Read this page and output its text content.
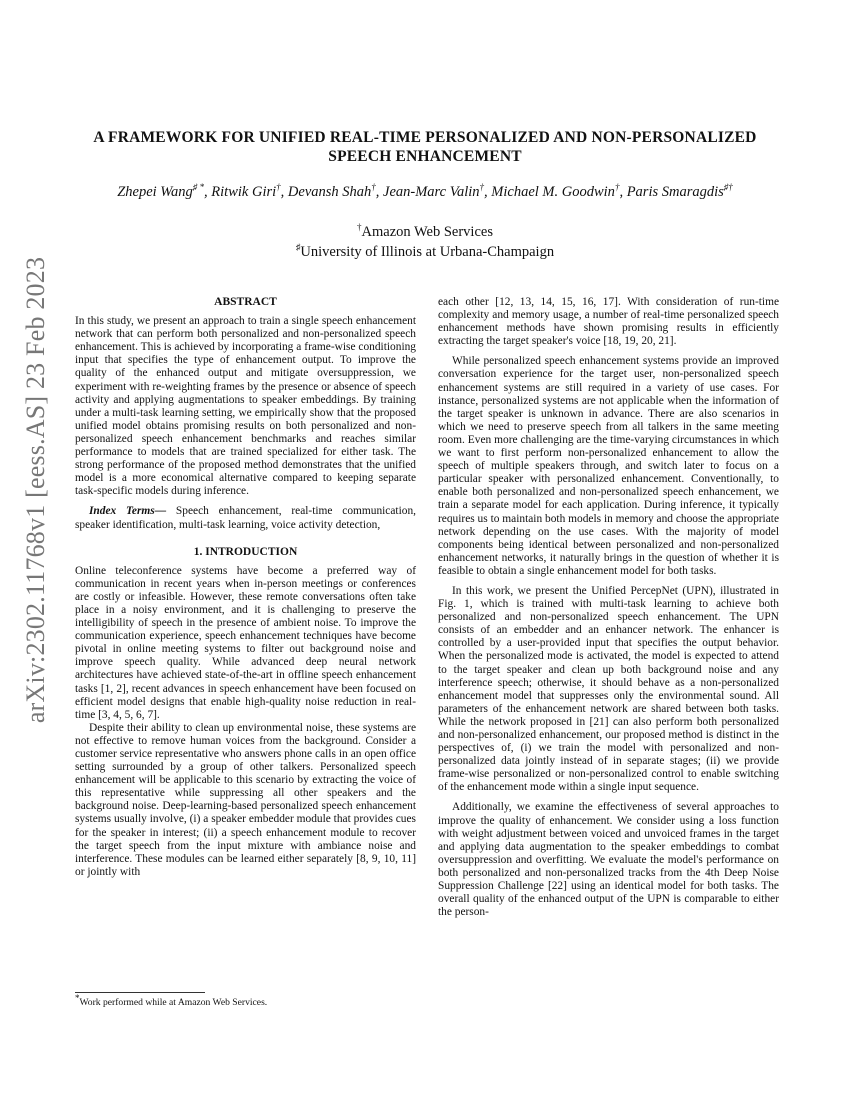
arXiv:2302.11768v1 [eess.AS] 23 Feb 2023
A FRAMEWORK FOR UNIFIED REAL-TIME PERSONALIZED AND NON-PERSONALIZED SPEECH ENHANCEMENT
Zhepei Wang♯ *, Ritwik Giri†, Devansh Shah†, Jean-Marc Valin†, Michael M. Goodwin†, Paris Smaragdis♯†
†Amazon Web Services
♯University of Illinois at Urbana-Champaign
ABSTRACT

In this study, we present an approach to train a single speech enhancement network that can perform both personalized and non-personalized speech enhancement. This is achieved by incorporating a frame-wise conditioning input that specifies the type of enhancement output. To improve the quality of the enhanced output and mitigate oversuppression, we experiment with re-weighting frames by the presence or absence of speech activity and applying augmentations to speaker embeddings. By training under a multi-task learning setting, we empirically show that the proposed unified model obtains promising results on both personalized and non-personalized speech enhancement benchmarks and reaches similar performance to models that are trained specialized for either task. The strong performance of the proposed method demonstrates that the unified model is a more economical alternative compared to keeping separate task-specific models during inference.

Index Terms— Speech enhancement, real-time communication, speaker identification, multi-task learning, voice activity detection,

1. INTRODUCTION

Online teleconference systems have become a preferred way of communication in recent years when in-person meetings or conferences are costly or infeasible. However, these remote conversations often take place in a noisy environment, and it is challenging to preserve the intelligibility of speech in the presence of ambient noise. To improve the communication experience, speech enhancement techniques have become pivotal in online meeting systems to filter out background noise and improve speech quality. While advanced deep neural network architectures have achieved state-of-the-art in offline speech enhancement tasks [1, 2], recent advances in speech enhancement have been focused on efficient model designs that enable high-quality noise reduction in real-time [3, 4, 5, 6, 7].

Despite their ability to clean up environmental noise, these systems are not effective to remove human voices from the background. Consider a customer service representative who answers phone calls in an open office setting surrounded by a group of other talkers. Personalized speech enhancement will be applicable to this scenario by extracting the voice of this representative while suppressing all other speakers and the background noise. Deep-learning-based personalized speech enhancement systems usually involve, (i) a speaker embedder module that provides cues for the speaker in interest; (ii) a speech enhancement module to recover the target speech from the input mixture with ambiance noise and interference. These modules can be learned either separately [8, 9, 10, 11] or jointly with

each other [12, 13, 14, 15, 16, 17]. With consideration of run-time complexity and memory usage, a number of real-time personalized speech enhancement methods have shown promising results in efficiently extracting the target speaker's voice [18, 19, 20, 21].

While personalized speech enhancement systems provide an improved conversation experience for the target user, non-personalized speech enhancement systems are still required in a variety of use cases. For instance, personalized systems are not applicable when the information of the target speaker is unknown in advance. There are also scenarios in which we need to preserve speech from all talkers in the same meeting room. Even more challenging are the time-varying circumstances in which we want to first perform non-personalized enhancement to allow the speech of multiple speakers through, and switch later to focus on a particular speaker with personalized enhancement. Conventionally, to enable both personalized and non-personalized speech enhancement, we train a separate model for each application. During inference, it typically requires us to maintain both models in memory and choose the appropriate network depending on the use cases. With the majority of model components being identical between personalized and non-personalized enhancement networks, it naturally brings in the question of whether it is feasible to obtain a single enhancement model for both tasks.

In this work, we present the Unified PercepNet (UPN), illustrated in Fig. 1, which is trained with multi-task learning to achieve both personalized and non-personalized speech enhancement. The UPN consists of an embedder and an enhancer network. The enhancer is controlled by a user-provided input that specifies the output behavior. When the personalized mode is activated, the model is expected to attend to the target speaker and clean up both background noise and any interference speech; otherwise, it should behave as a non-personalized enhancement model that suppresses only the environmental sound. All parameters of the enhancement network are shared between both tasks. While the network proposed in [21] can also perform both personalized and non-personalized enhancement, our proposed method is distinct in the perspectives of, (i) we train the model with personalized and non-personalized data jointly instead of in separate stages; (ii) we provide frame-wise personalized or non-personalized control to enable switching of the enhancement mode within a single input sequence.

Additionally, we examine the effectiveness of several approaches to improve the quality of enhancement. We consider using a loss function with weight adjustment between voiced and unvoiced frames in the target and applying data augmentation to the speaker embeddings to combat oversuppression and overfitting. We evaluate the model's performance on both personalized and non-personalized tracks from the 4th Deep Noise Suppression Challenge [22] using an identical model for both tasks. The overall quality of the enhanced output of the UPN is comparable to either the person-

*Work performed while at Amazon Web Services.
